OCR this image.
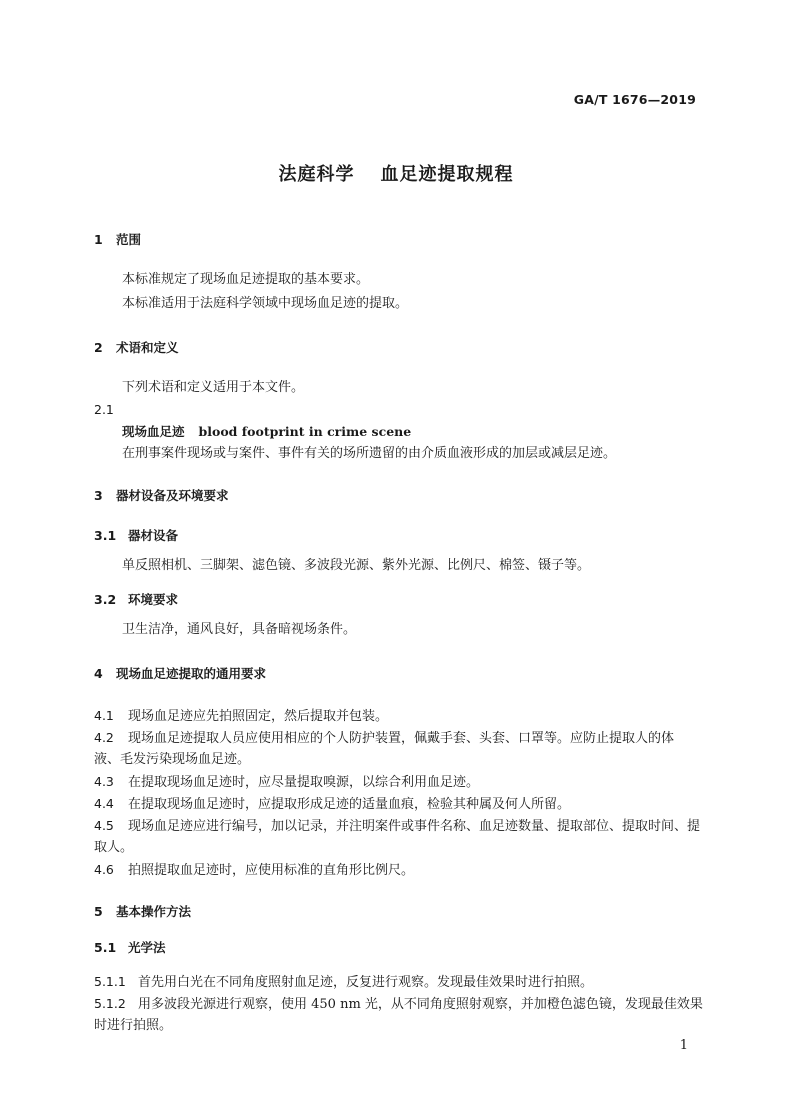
GA/T 1676—2019
法庭科学 血足迹提取规程
1 范围
本标准规定了现场血足迹提取的基本要求。
本标准适用于法庭科学领域中现场血足迹的提取。
2 术语和定义
下列术语和定义适用于本文件。
2.1
现场血足迹 blood footprint in crime scene
在刑事案件现场或与案件、事件有关的场所遗留的由介质血液形成的加层或减层足迹。
3 器材设备及环境要求
3.1 器材设备
单反照相机、三脚架、滤色镜、多波段光源、紫外光源、比例尺、棉签、镊子等。
3.2 环境要求
卫生洁净，通风良好，具备暗视场条件。
4 现场血足迹提取的通用要求
4.1 现场血足迹应先拍照固定，然后提取并包装。
4.2 现场血足迹提取人员应使用相应的个人防护装置，佩戴手套、头套、口罩等。应防止提取人的体
液、毛发污染现场血足迹。
4.3 在提取现场血足迹时，应尽量提取嗅源，以综合利用血足迹。
4.4 在提取现场血足迹时，应提取形成足迹的适量血痕，检验其种属及何人所留。
4.5 现场血足迹应进行编号，加以记录，并注明案件或事件名称、血足迹数量、提取部位、提取时间、提
取人。
4.6 拍照提取血足迹时，应使用标准的直角形比例尺。
5 基本操作方法
5.1 光学法
5.1.1 首先用白光在不同角度照射血足迹，反复进行观察。发现最佳效果时进行拍照。
5.1.2 用多波段光源进行观察，使用 450 nm 光，从不同角度照射观察，并加橙色滤色镜，发现最佳效果
时进行拍照。
1
